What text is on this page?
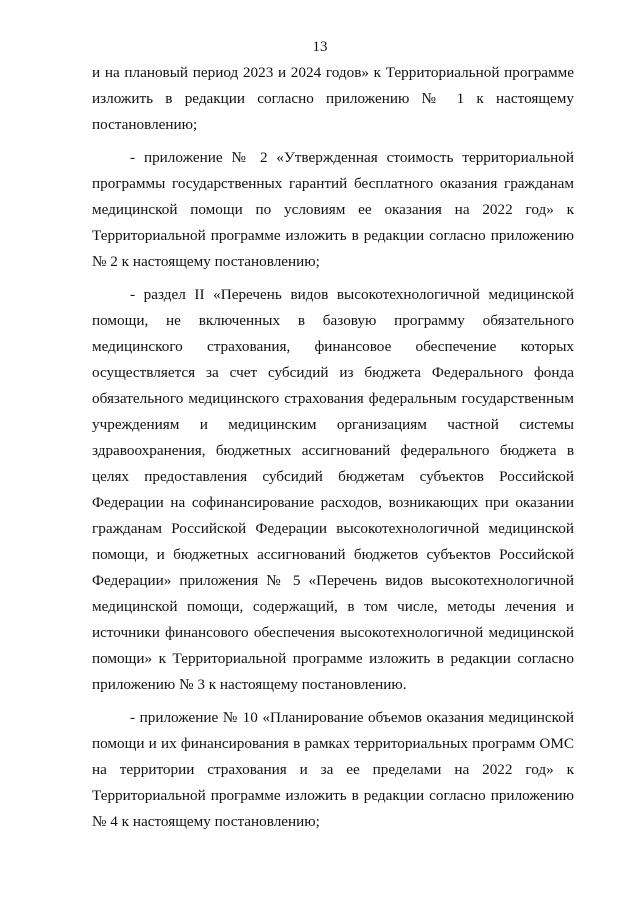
13

и на плановый период 2023 и 2024 годов» к Территориальной программе изложить в редакции согласно приложению № 1 к настоящему постановлению;

- приложение № 2 «Утвержденная стоимость территориальной программы государственных гарантий бесплатного оказания гражданам медицинской помощи по условиям ее оказания на 2022 год» к Территориальной программе изложить в редакции согласно приложению № 2 к настоящему постановлению;

- раздел II «Перечень видов высокотехнологичной медицинской помощи, не включенных в базовую программу обязательного медицинского страхования, финансовое обеспечение которых осуществляется за счет субсидий из бюджета Федерального фонда обязательного медицинского страхования федеральным государственным учреждениям и медицинским организациям частной системы здравоохранения, бюджетных ассигнований федерального бюджета в целях предоставления субсидий бюджетам субъектов Российской Федерации на софинансирование расходов, возникающих при оказании гражданам Российской Федерации высокотехнологичной медицинской помощи, и бюджетных ассигнований бюджетов субъектов Российской Федерации» приложения № 5 «Перечень видов высокотехнологичной медицинской помощи, содержащий, в том числе, методы лечения и источники финансового обеспечения высокотехнологичной медицинской помощи» к Территориальной программе изложить в редакции согласно приложению № 3 к настоящему постановлению.

- приложение № 10 «Планирование объемов оказания медицинской помощи и их финансирования в рамках территориальных программ ОМС на территории страхования и за ее пределами на 2022 год» к Территориальной программе изложить в редакции согласно приложению № 4 к настоящему постановлению;
